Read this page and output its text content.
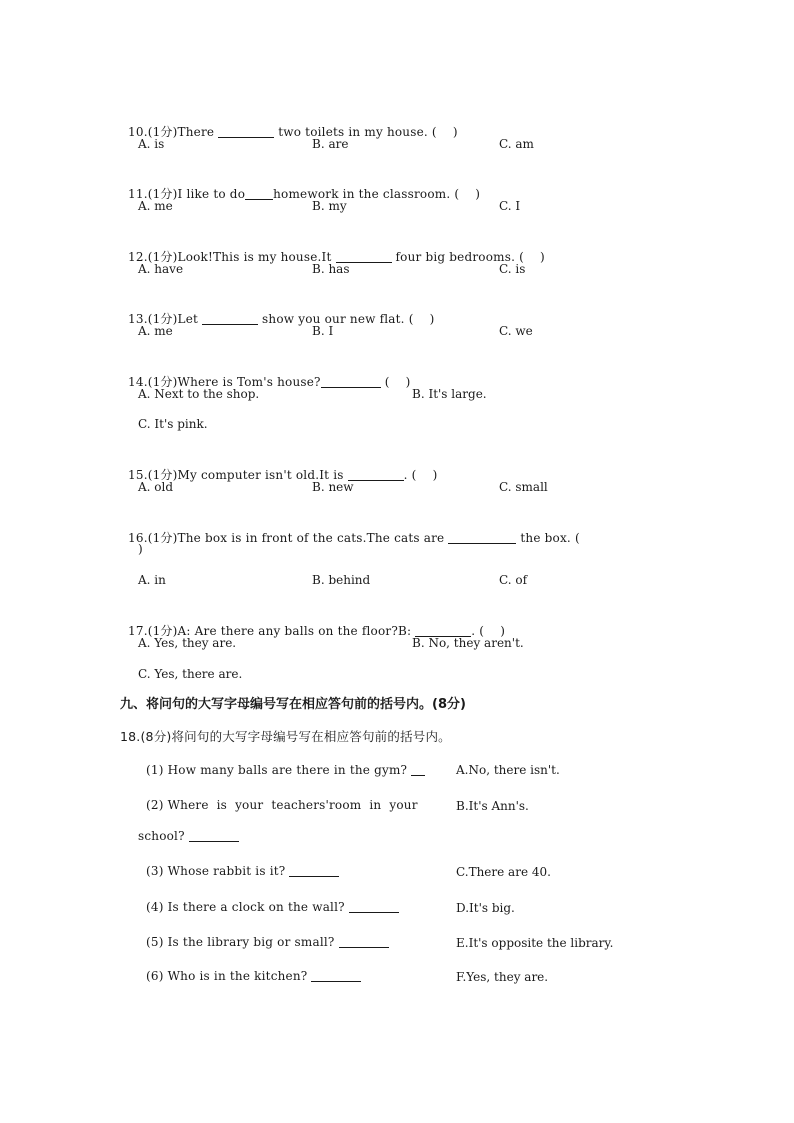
10.(1分)There	two toilets in my house. (    )

A. is	B. are	C. am

11.(1分)I like to do homework in the classroom. (    )

A. me	B. my	C. I

12.(1分)Look!This is my house.It	four big bedrooms. (    )

A. have	B. has	C. is

13.(1分)Let	show you our new flat. (    )

A. me	B. I	C. we

14.(1分)Where is Tom's house?	(    )

A. Next to the shop.	B. It's large.
C. It's pink.

15.(1分)My computer isn't old.It is	. (    )

A. old	B. new	C. small

16.(1分)The box is in front of the cats.The cats are	the box. (

)
A. in	B. behind	C. of

17.(1分)A: Are there any balls on the floor?B:	. (    )

A. Yes, they are.	B. No, they aren't.
C. Yes, there are.
九、将问句的大写字母编号写在相应答句前的括号内。(8分)
18.(8分)将问句的大写字母编号写在相应答句前的括号内。
(1) How many balls are there in the gym?	A.No, there isn't.
(2) Where  is  your  teachers'room  in  your	B.It's Ann's.
school?
(3) Whose rabbit is it?	C.There are 40.
(4) Is there a clock on the wall?	D.It's big.
(5) Is the library big or small?	E.It's opposite the library.
(6) Who is in the kitchen?	F.Yes, they are.
